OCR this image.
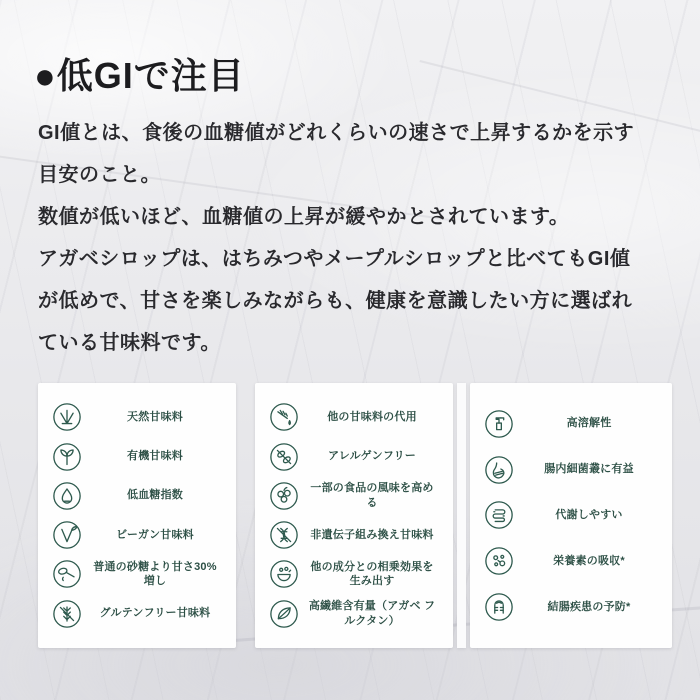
●低GIで注目
GI値とは、食後の血糖値がどれくらいの速さで上昇するかを示す
目安のこと。
数値が低いほど、血糖値の上昇が緩やかとされています。
アガベシロップは、はちみつやメープルシロップと比べてもGI値
が低めで、甘さを楽しみながらも、健康を意識したい方に選ばれ
ている甘味料です。
天然甘味料
有機甘味料
低血糖指数
ビーガン甘味料
普通の砂糖より甘さ30%増し
グルテンフリー甘味料
他の甘味料の代用
アレルゲンフリー
一部の食品の風味を高める
非遺伝子組み換え甘味料
他の成分との相乗効果を生み出す
高繊維含有量（アガベ フルクタン）
高溶解性
腸内細菌叢に有益
代謝しやすい
栄養素の吸収*
結腸疾患の予防*
